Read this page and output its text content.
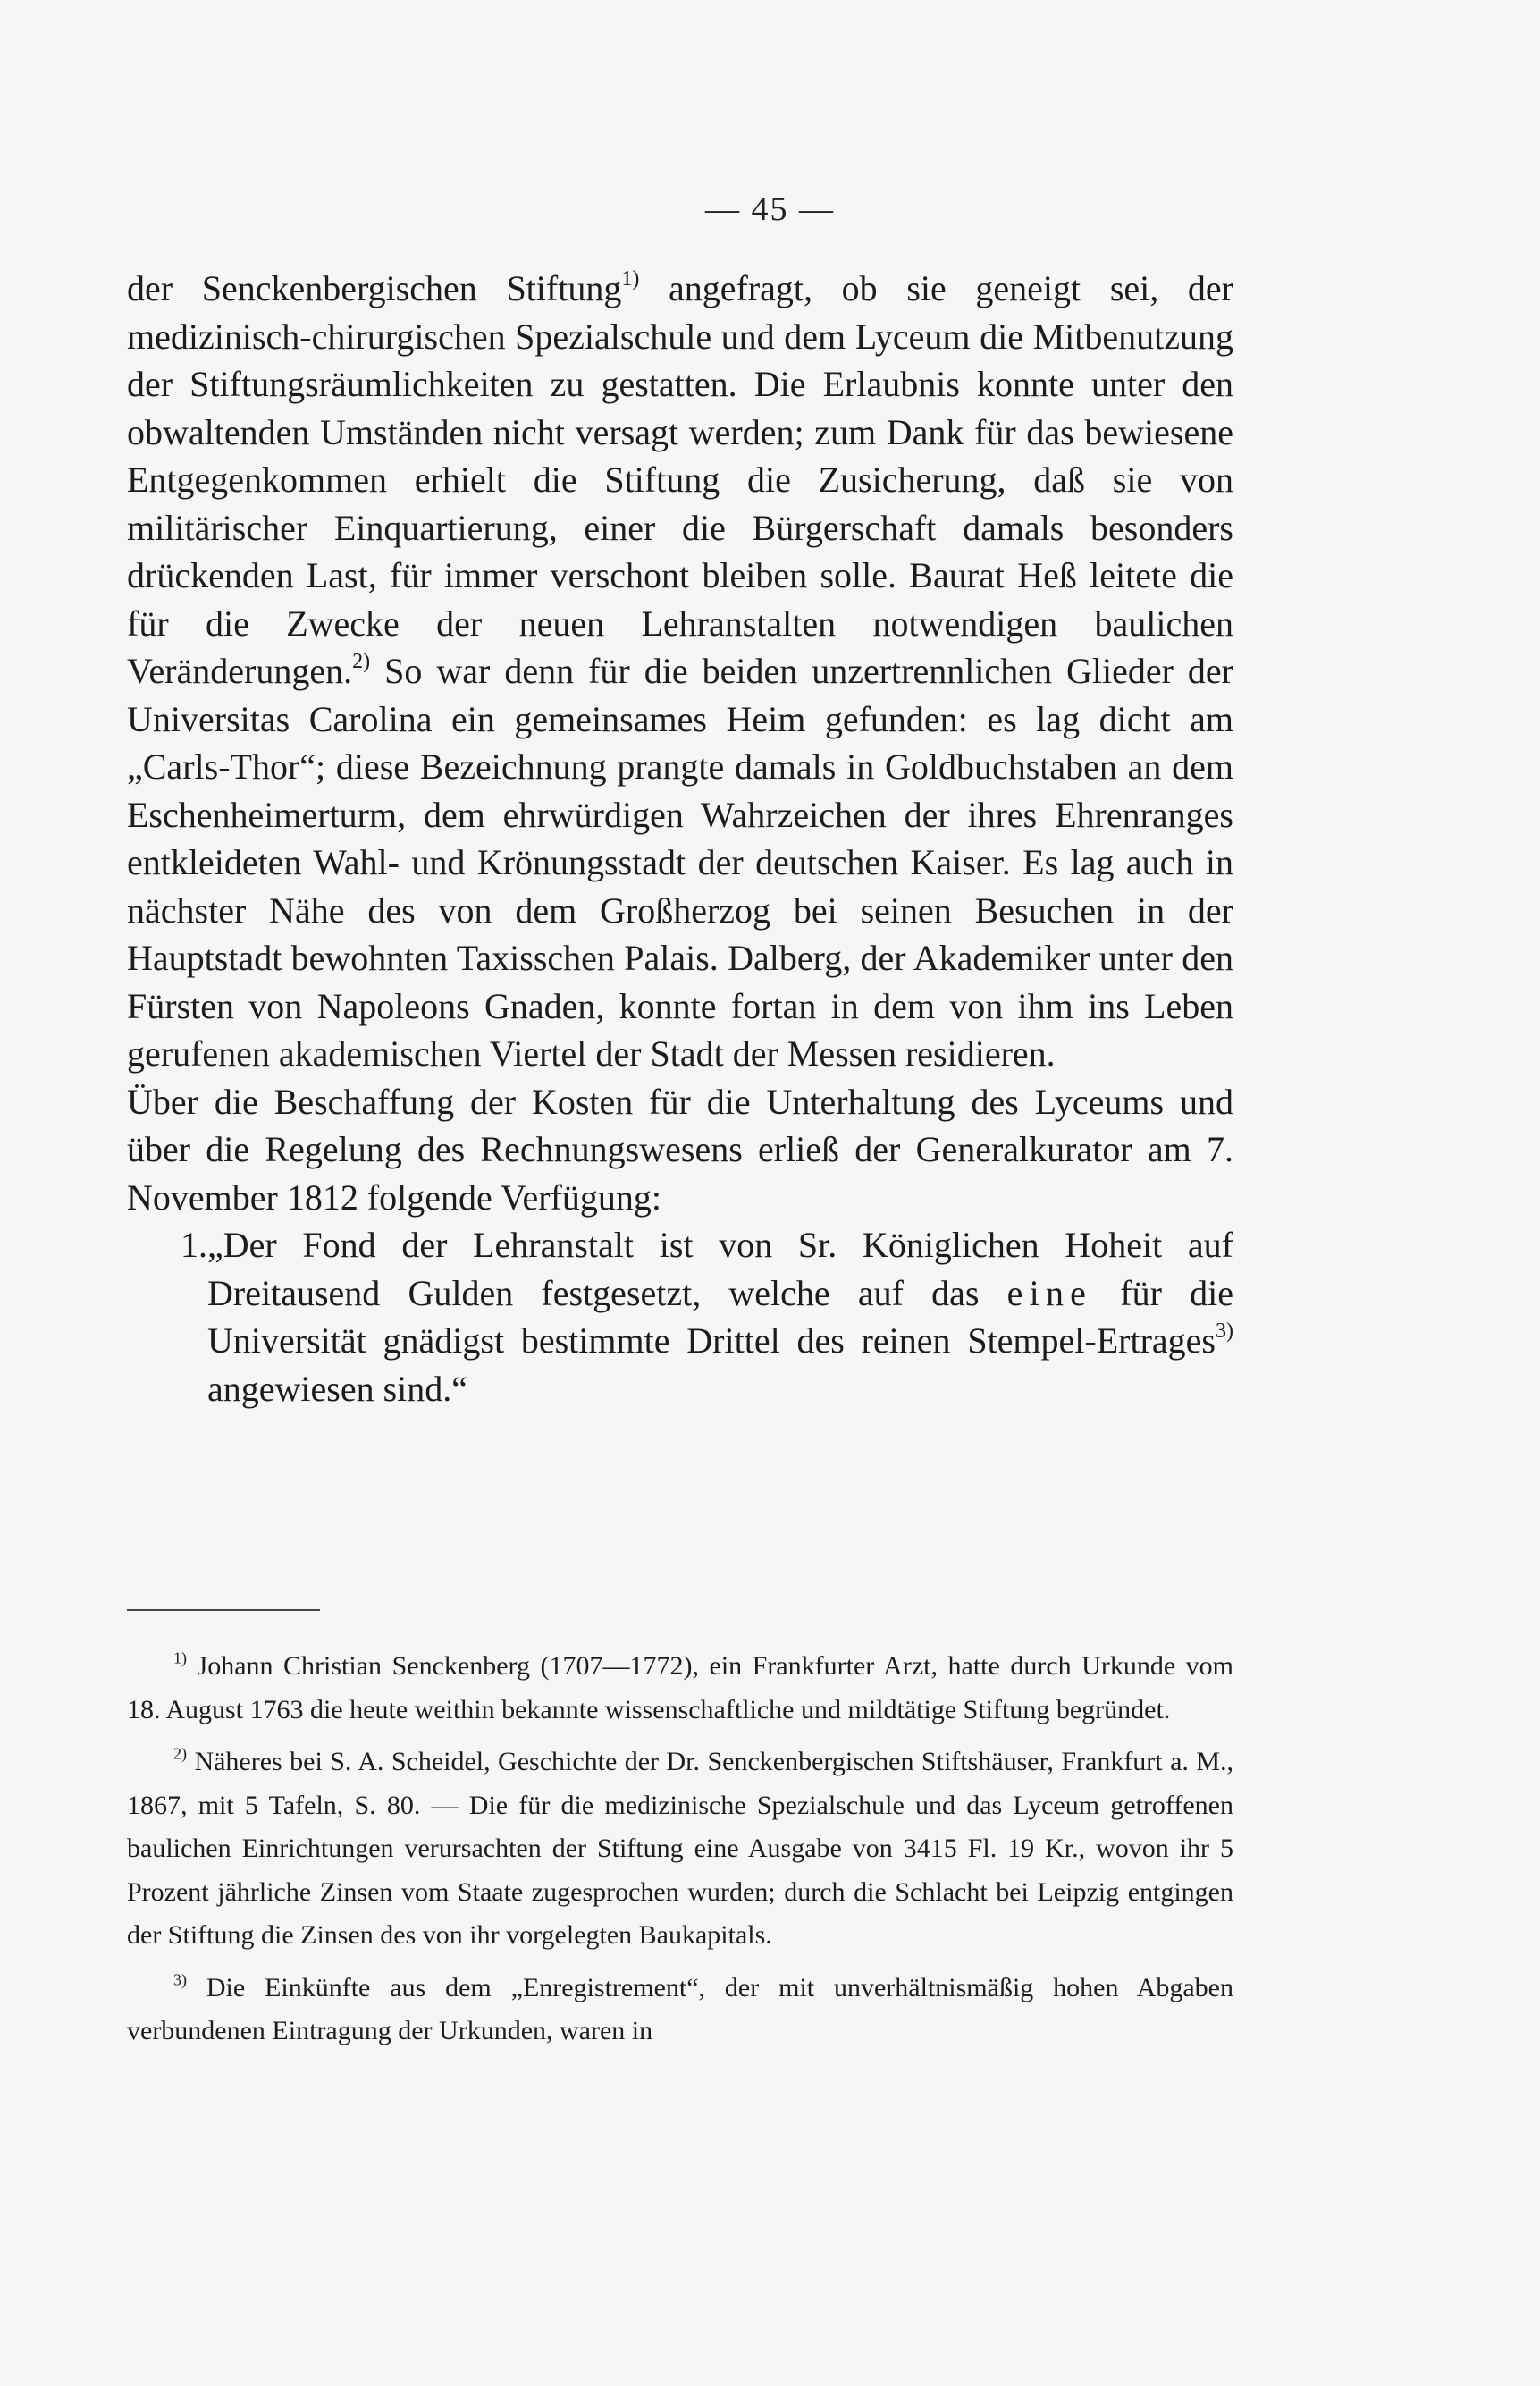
— 45 —

der Senckenbergischen Stiftung$^{1)}$ angefragt, ob sie geneigt sei, der medizinisch-chirurgischen Spezialschule und dem Lyceum die Mitbenutzung der Stiftungsräumlichkeiten zu gestatten. Die Erlaubnis konnte unter den obwaltenden Umständen nicht versagt werden; zum Dank für das bewiesene Entgegenkommen erhielt die Stiftung die Zusicherung, daß sie von militärischer Einquartierung, einer die Bürgerschaft damals besonders drückenden Last, für immer verschont bleiben solle. Baurat Heß leitete die für die Zwecke der neuen Lehranstalten notwendigen baulichen Veränderungen.$^{2)}$ So war denn für die beiden unzertrennlichen Glieder der Universitas Carolina ein gemeinsames Heim gefunden: es lag dicht am „Carls-Thor“; diese Bezeichnung prangte damals in Goldbuchstaben an dem Eschenheimerturm, dem ehrwürdigen Wahrzeichen der ihres Ehrenranges entkleideten Wahl- und Krönungsstadt der deutschen Kaiser. Es lag auch in nächster Nähe des von dem Großherzog bei seinen Besuchen in der Hauptstadt bewohnten Taxisschen Palais. Dalberg, der Akademiker unter den Fürsten von Napoleons Gnaden, konnte fortan in dem von ihm ins Leben gerufenen akademischen Viertel der Stadt der Messen residieren.

Über die Beschaffung der Kosten für die Unterhaltung des Lyceums und über die Regelung des Rechnungswesens erließ der Generalkurator am 7. November 1812 folgende Verfügung:

1. „Der Fond der Lehranstalt ist von Sr. Königlichen Hoheit auf Dreitausend Gulden festgesetzt, welche auf das eine für die Universität gnädigst bestimmte Drittel des reinen Stempel-Ertrages$^{3)}$ angewiesen sind.“

$^{1)}$ Johann Christian Senckenberg (1707—1772), ein Frankfurter Arzt, hatte durch Urkunde vom 18. August 1763 die heute weithin bekannte wissenschaftliche und mildtätige Stiftung begründet.

$^{2)}$ Näheres bei S. A. Scheidel, Geschichte der Dr. Senckenbergischen Stiftshäuser, Frankfurt a. M., 1867, mit 5 Tafeln, S. 80. — Die für die medizinische Spezialschule und das Lyceum getroffenen baulichen Einrichtungen verursachten der Stiftung eine Ausgabe von 3415 Fl. 19 Kr., wovon ihr 5 Prozent jährliche Zinsen vom Staate zugesprochen wurden; durch die Schlacht bei Leipzig entgingen der Stiftung die Zinsen des von ihr vorgelegten Baukapitals.

$^{3)}$ Die Einkünfte aus dem „Enregistrement“, der mit unverhältnismäßig hohen Abgaben verbundenen Eintragung der Urkunden, waren in
